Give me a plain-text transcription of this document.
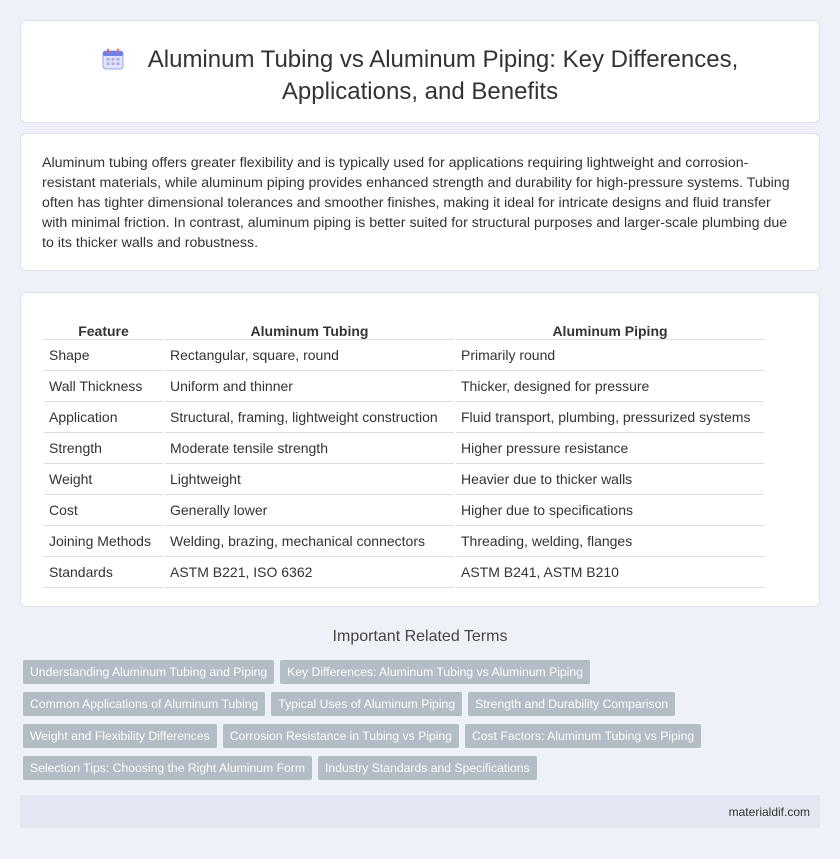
Aluminum Tubing vs Aluminum Piping: Key Differences,
Applications, and Benefits

Aluminum tubing offers greater flexibility and is typically used for applications requiring lightweight and corrosion-resistant materials, while aluminum piping provides enhanced strength and durability for high-pressure systems. Tubing often has tighter dimensional tolerances and smoother finishes, making it ideal for intricate designs and fluid transfer with minimal friction. In contrast, aluminum piping is better suited for structural purposes and larger-scale plumbing due to its thicker walls and robustness.

Feature	Aluminum Tubing	Aluminum Piping
Shape	Rectangular, square, round	Primarily round
Wall Thickness	Uniform and thinner	Thicker, designed for pressure
Application	Structural, framing, lightweight construction	Fluid transport, plumbing, pressurized systems
Strength	Moderate tensile strength	Higher pressure resistance
Weight	Lightweight	Heavier due to thicker walls
Cost	Generally lower	Higher due to specifications
Joining Methods	Welding, brazing, mechanical connectors	Threading, welding, flanges
Standards	ASTM B221, ISO 6362	ASTM B241, ASTM B210
Important Related Terms
Understanding Aluminum Tubing and Piping Key Differences: Aluminum Tubing vs Aluminum Piping
Common Applications of Aluminum Tubing Typical Uses of Aluminum Piping Strength and Durability Comparison
Weight and Flexibility Differences Corrosion Resistance in Tubing vs Piping Cost Factors: Aluminum Tubing vs Piping
Selection Tips: Choosing the Right Aluminum Form Industry Standards and Specifications
materialdif.com
